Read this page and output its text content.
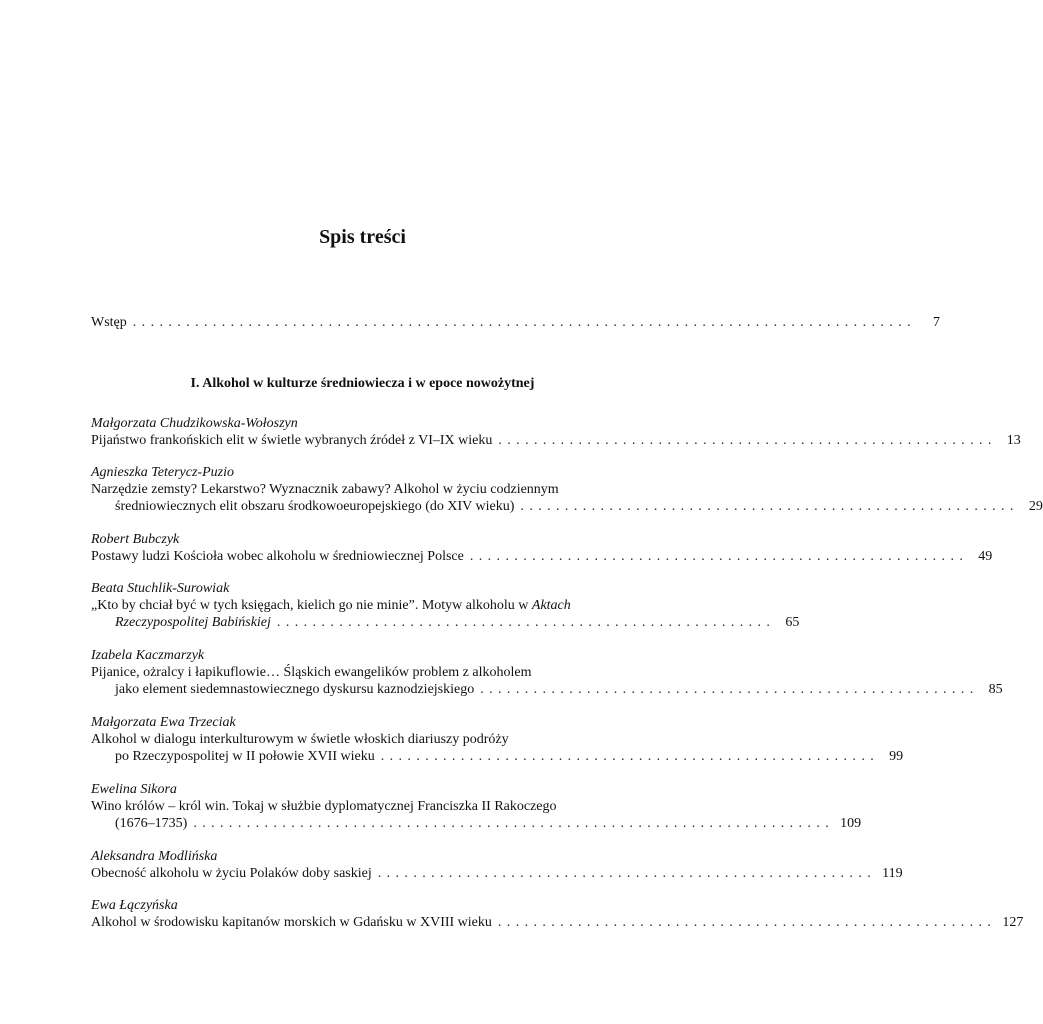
Spis treści
Wstęp ........................................................................................	7
I. Alkohol w kulturze średniowiecza i w epoce nowożytnej
Małgorzata Chudzikowska-Wołoszyn
Pijaństwo frankońskich elit w świetle wybranych źródeł z VI–IX wieku ........................................................ 13
Agnieszka Teterycz-Puzio
Narzędzie zemsty? Lekarstwo? Wyznacznik zabawy? Alkohol w życiu codziennym
średniowiecznych elit obszaru środkowoeuropejskiego (do XIV wieku) ........................................................ 29
Robert Bubczyk
Postawy ludzi Kościoła wobec alkoholu w średniowiecznej Polsce ........................................................ 49
Beata Stuchlik-Surowiak
„Kto by chciał być w tych księgach, kielich go nie minie”. Motyw alkoholu w Aktach
Rzeczypospolitej Babińskiej ........................................................ 65
Izabela Kaczmarzyk
Pijanice, ożralcy i łapikuflowie… Śląskich ewangelików problem z alkoholem
jako element siedemnastowiecznego dyskursu kaznodziejskiego ........................................................ 85
Małgorzata Ewa Trzeciak
Alkohol w dialogu interkulturowym w świetle włoskich diariuszy podróży
po Rzeczypospolitej w II połowie XVII wieku ........................................................ 99
Ewelina Sikora
Wino królów – król win. Tokaj w służbie dyplomatycznej Franciszka II Rakoczego
(1676–1735) ........................................................................ 109
Aleksandra Modlińska
Obecność alkoholu w życiu Polaków doby saskiej ........................................................ 119
Ewa Łączyńska
Alkohol w środowisku kapitanów morskich w Gdańsku w XVIII wieku ........................................................ 127
